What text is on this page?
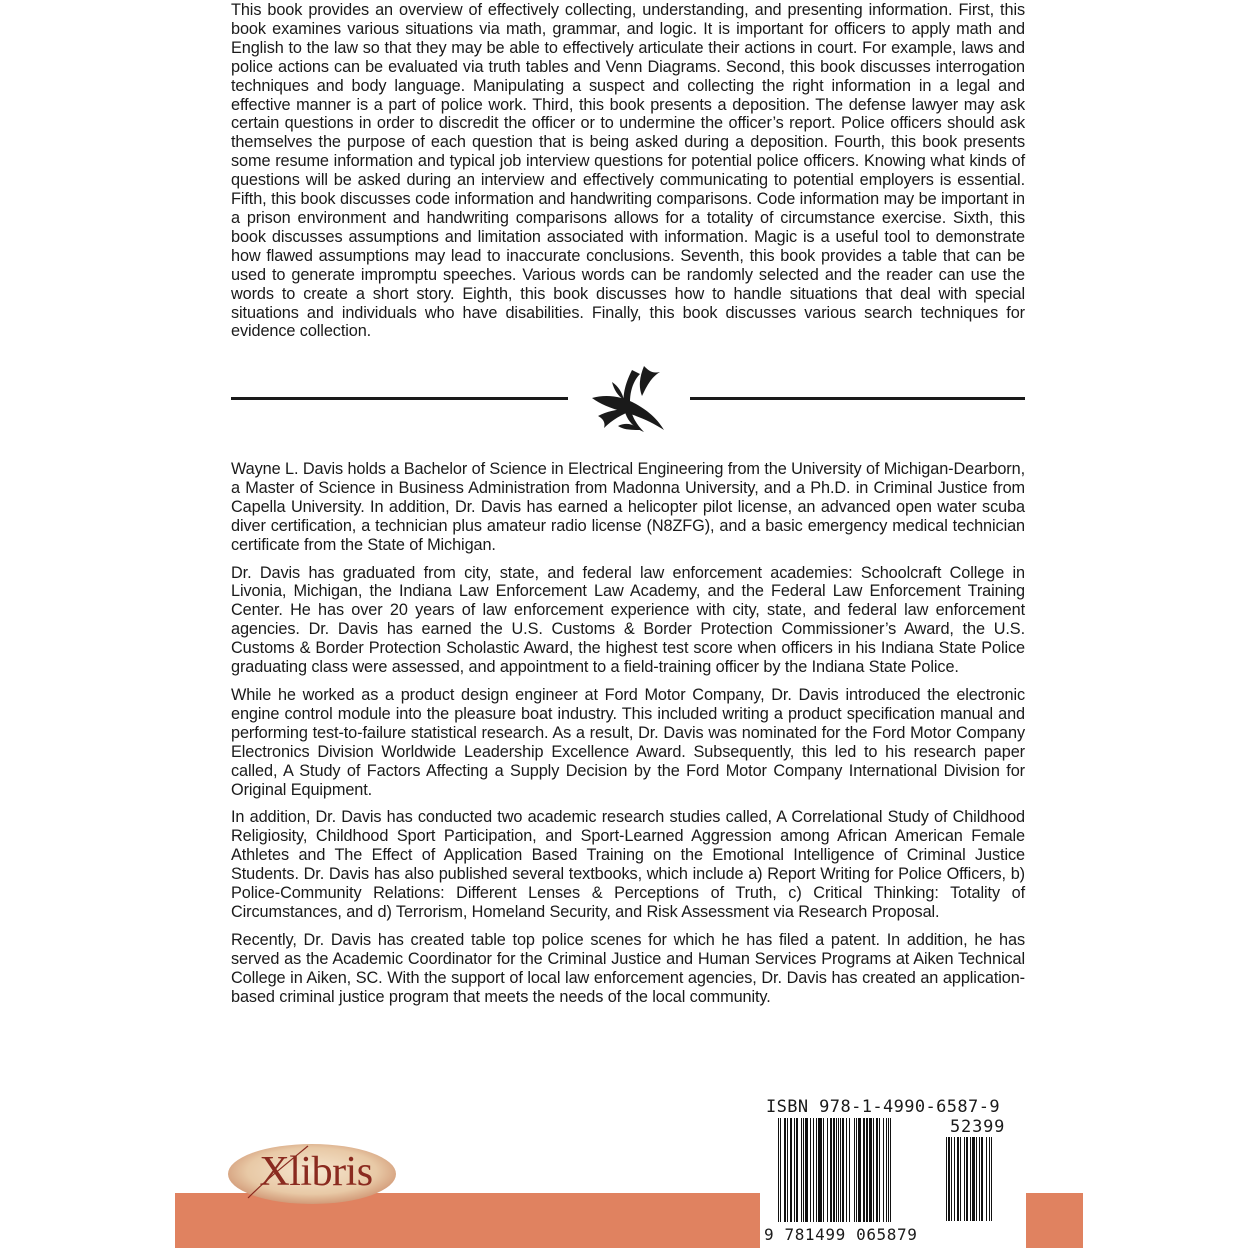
This book provides an overview of effectively collecting, understanding, and presenting information. First, this book examines various situations via math, grammar, and logic. It is important for officers to apply math and English to the law so that they may be able to effectively articulate their actions in court. For example, laws and police actions can be evaluated via truth tables and Venn Diagrams. Second, this book discusses interrogation techniques and body language. Manipulating a suspect and collecting the right information in a legal and effective manner is a part of police work. Third, this book presents a deposition. The defense lawyer may ask certain questions in order to discredit the officer or to undermine the officer’s report. Police officers should ask themselves the purpose of each question that is being asked during a deposition. Fourth, this book presents some resume information and typical job interview questions for potential police officers. Knowing what kinds of questions will be asked during an interview and effectively communicating to potential employers is essential. Fifth, this book discusses code information and handwriting comparisons. Code information may be important in a prison environment and handwriting comparisons allows for a totality of circumstance exercise. Sixth, this book discusses assumptions and limitation associated with information. Magic is a useful tool to demonstrate how flawed assumptions may lead to inaccurate conclusions. Seventh, this book provides a table that can be used to generate impromptu speeches. Various words can be randomly selected and the reader can use the words to create a short story. Eighth, this book discusses how to handle situations that deal with special situations and individuals who have disabilities. Finally, this book discusses various search techniques for evidence collection.

Wayne L. Davis holds a Bachelor of Science in Electrical Engineering from the University of Michigan-Dearborn, a Master of Science in Business Administration from Madonna University, and a Ph.D. in Criminal Justice from Capella University. In addition, Dr. Davis has earned a helicopter pilot license, an advanced open water scuba diver certification, a technician plus amateur radio license (N8ZFG), and a basic emergency medical technician certificate from the State of Michigan.

Dr. Davis has graduated from city, state, and federal law enforcement academies: Schoolcraft College in Livonia, Michigan, the Indiana Law Enforcement Law Academy, and the Federal Law Enforcement Training Center. He has over 20 years of law enforcement experience with city, state, and federal law enforcement agencies. Dr. Davis has earned the U.S. Customs & Border Protection Commissioner’s Award, the U.S. Customs & Border Protection Scholastic Award, the highest test score when officers in his Indiana State Police graduating class were assessed, and appointment to a field-training officer by the Indiana State Police.

While he worked as a product design engineer at Ford Motor Company, Dr. Davis introduced the electronic engine control module into the pleasure boat industry. This included writing a product specification manual and performing test-to-failure statistical research. As a result, Dr. Davis was nominated for the Ford Motor Company Electronics Division Worldwide Leadership Excellence Award. Subsequently, this led to his research paper called, A Study of Factors Affecting a Supply Decision by the Ford Motor Company International Division for Original Equipment.

In addition, Dr. Davis has conducted two academic research studies called, A Correlational Study of Childhood Religiosity, Childhood Sport Participation, and Sport-Learned Aggression among African American Female Athletes and The Effect of Application Based Training on the Emotional Intelligence of Criminal Justice Students. Dr. Davis has also published several textbooks, which include a) Report Writing for Police Officers, b) Police-Community Relations: Different Lenses & Perceptions of Truth, c) Critical Thinking: Totality of Circumstances, and d) Terrorism, Homeland Security, and Risk Assessment via Research Proposal.

Recently, Dr. Davis has created table top police scenes for which he has filed a patent. In addition, he has served as the Academic Coordinator for the Criminal Justice and Human Services Programs at Aiken Technical College in Aiken, SC. With the support of local law enforcement agencies, Dr. Davis has created an application-based criminal justice program that meets the needs of the local community.

Xlibris
ISBN 978-1-4990-6587-9
52399
9 781499 065879
